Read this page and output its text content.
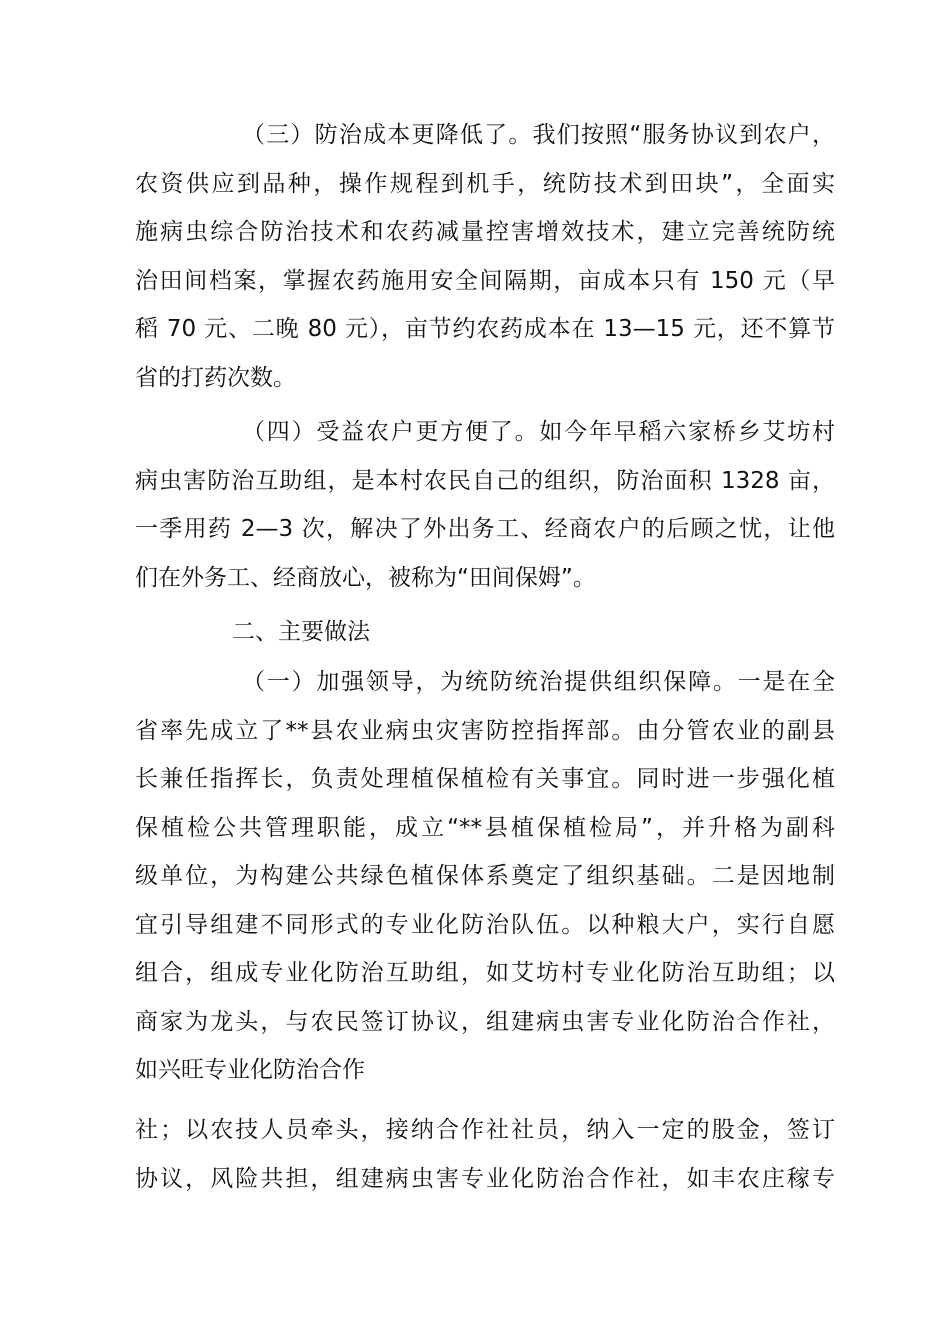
（三）防治成本更降低了。我们按照“服务协议到农户，
农资供应到品种，操作规程到机手，统防技术到田块”，全面实
施病虫综合防治技术和农药减量控害增效技术，建立完善统防统
治田间档案，掌握农药施用安全间隔期，亩成本只有 150 元（早
稻 70 元、二晚 80 元），亩节约农药成本在 13—15 元，还不算节
省的打药次数。
（四）受益农户更方便了。如今年早稻六家桥乡艾坊村
病虫害防治互助组，是本村农民自己的组织，防治面积 1328 亩，
一季用药 2—3 次，解决了外出务工、经商农户的后顾之忧，让他
们在外务工、经商放心，被称为“田间保姆”。
二、主要做法
（一）加强领导，为统防统治提供组织保障。一是在全
省率先成立了**县农业病虫灾害防控指挥部。由分管农业的副县
长兼任指挥长，负责处理植保植检有关事宜。同时进一步强化植
保植检公共管理职能，成立“**县植保植检局”，并升格为副科
级单位，为构建公共绿色植保体系奠定了组织基础。二是因地制
宜引导组建不同形式的专业化防治队伍。以种粮大户，实行自愿
组合，组成专业化防治互助组，如艾坊村专业化防治互助组；以
商家为龙头，与农民签订协议，组建病虫害专业化防治合作社，
如兴旺专业化防治合作
社；以农技人员牵头，接纳合作社社员，纳入一定的股金，签订
协议，风险共担，组建病虫害专业化防治合作社，如丰农庄稼专
